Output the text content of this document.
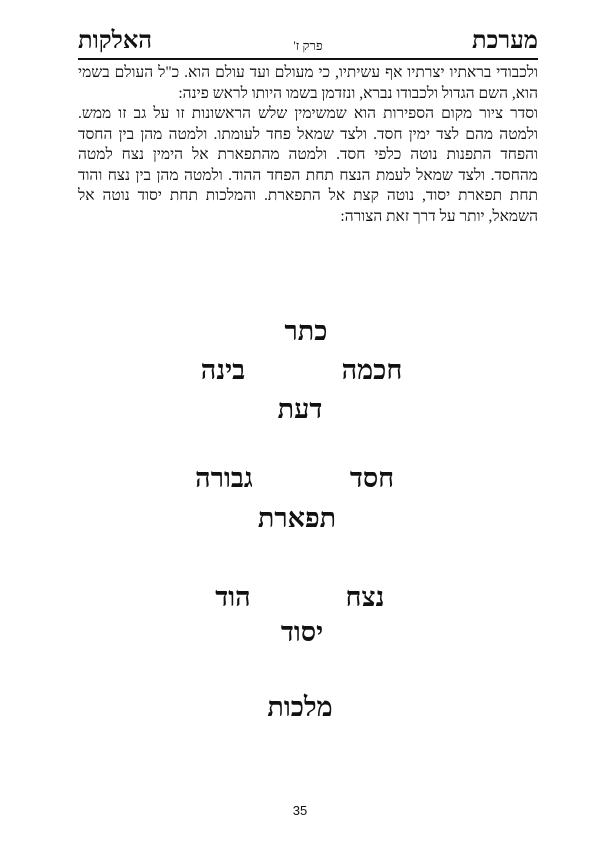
מערכת
פרק ז'
האלקות

ולכבודי בראתיו יצרתיו אף עשיתיו, כי מעולם ועד עולם הוא. כ"ל העולם בשמי הוא, השם הגדול ולכבודו נברא, ונזדמן בשמו היותו לראש פינה:

וסדר ציור מקום הספירות הוא שמשימין שלש הראשונות זו על גב זו ממש. ולמטה מהם לצד ימין חסד. ולצד שמאל פחד לעומתו. ולמטה מהן בין החסד והפחד התפנות נוטה כלפי חסד. ולמטה מהתפארת אל הימין נצח למטה מהחסד. ולצד שמאל לעמת הנצח תחת הפחד ההוד. ולמטה מהן בין נצח והוד תחת תפארת יסוד, נוטה קצת אל התפארת. והמלכות תחת יסוד נוטה אל השמאל, יותר על דרך זאת הצורה:

כתר
חכמה
בינה
דעת
חסד
גבורה
תפארת
נצח
הוד
יסוד
מלכות
35
